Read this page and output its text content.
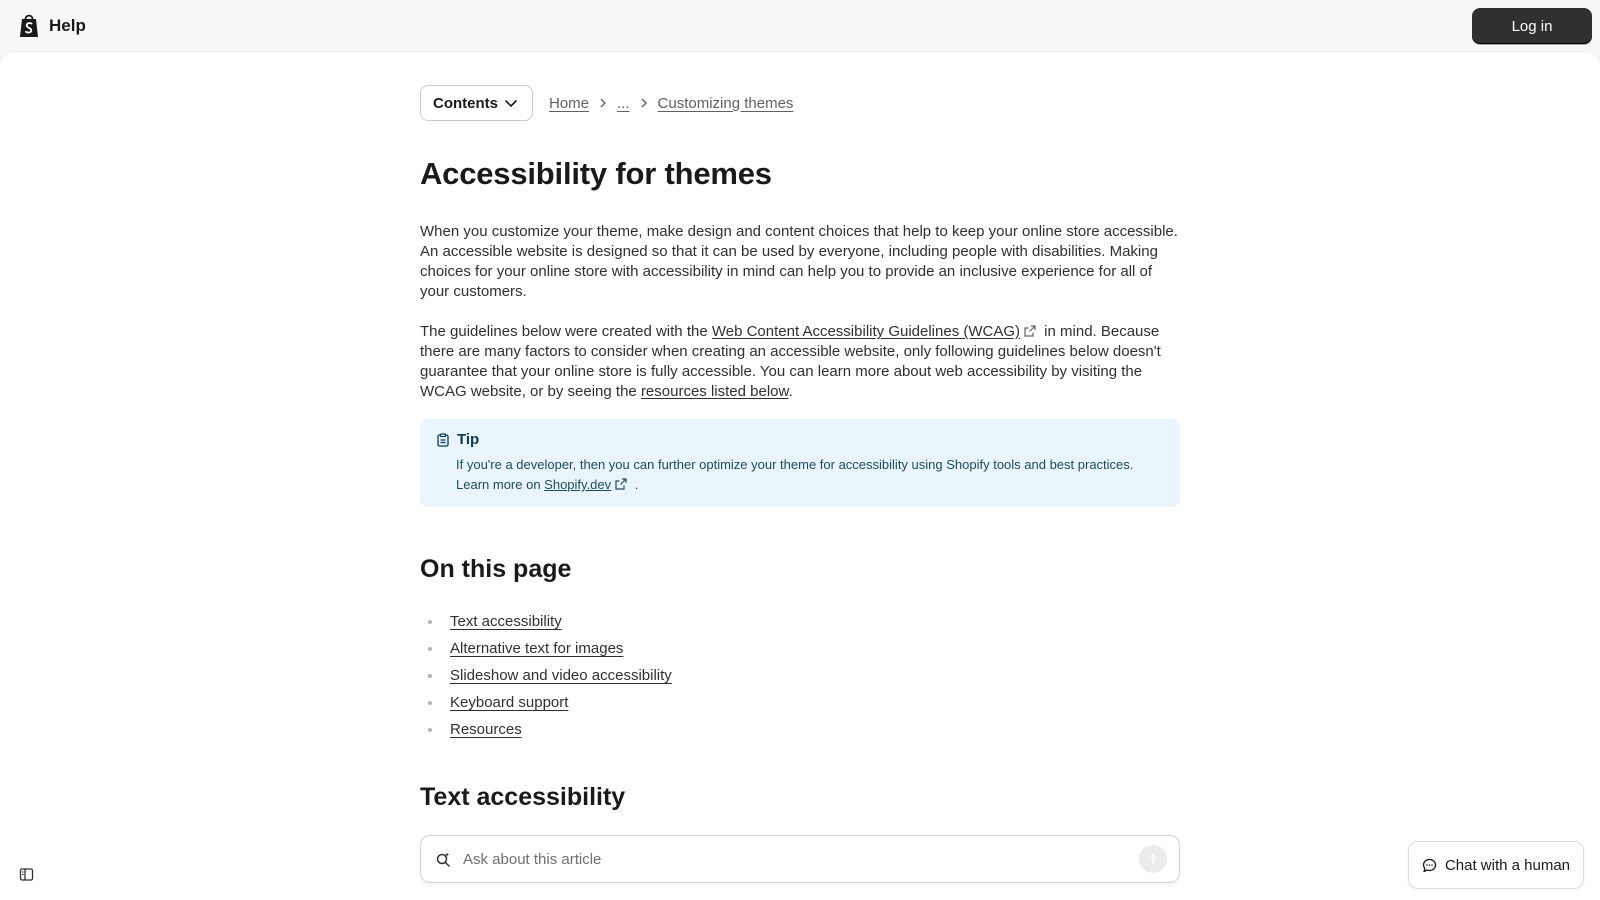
Help	Log in
Contents	Home ... Customizing themes
Accessibility for themes

When you customize your theme, make design and content choices that help to keep your online store accessible. An accessible website is designed so that it can be used by everyone, including people with disabilities. Making choices for your online store with accessibility in mind can help you to provide an inclusive experience for all of your customers.

The guidelines below were created with the Web Content Accessibility Guidelines (WCAG) in mind. Because there are many factors to consider when creating an accessible website, only following guidelines below doesn't guarantee that your online store is fully accessible. You can learn more about web accessibility by visiting the WCAG website, or by seeing the resources listed below.

Tip

If you're a developer, then you can further optimize your theme for accessibility using Shopify tools and best practices. Learn more on Shopify.dev .

On this page
Text accessibility
Alternative text for images
Slideshow and video accessibility
Keyboard support
Resources
Text accessibility
Ask about this article
Chat with a human
